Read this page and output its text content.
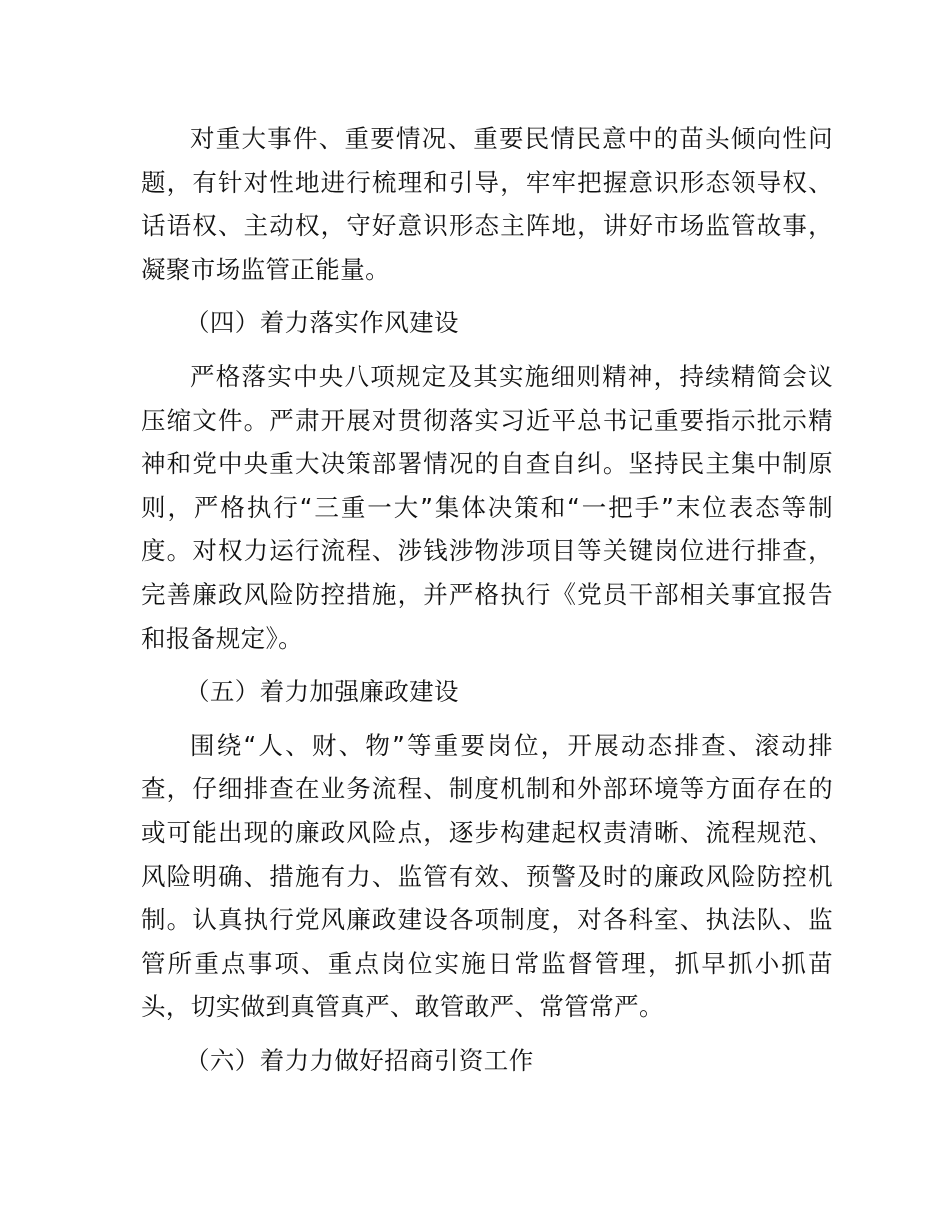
对重大事件、重要情况、重要民情民意中的苗头倾向性问题，有针对性地进行梳理和引导，牢牢把握意识形态领导权、话语权、主动权，守好意识形态主阵地，讲好市场监管故事，凝聚市场监管正能量。

（四）着力落实作风建设

严格落实中央八项规定及其实施细则精神，持续精简会议压缩文件。严肃开展对贯彻落实习近平总书记重要指示批示精神和党中央重大决策部署情况的自查自纠。坚持民主集中制原则，严格执行“三重一大”集体决策和“一把手”末位表态等制度。对权力运行流程、涉钱涉物涉项目等关键岗位进行排查，完善廉政风险防控措施，并严格执行《党员干部相关事宜报告和报备规定》。

（五）着力加强廉政建设

围绕“人、财、物”等重要岗位，开展动态排查、滚动排查，仔细排查在业务流程、制度机制和外部环境等方面存在的或可能出现的廉政风险点，逐步构建起权责清晰、流程规范、风险明确、措施有力、监管有效、预警及时的廉政风险防控机制。认真执行党风廉政建设各项制度，对各科室、执法队、监管所重点事项、重点岗位实施日常监督管理，抓早抓小抓苗头，切实做到真管真严、敢管敢严、常管常严。

（六）着力力做好招商引资工作
